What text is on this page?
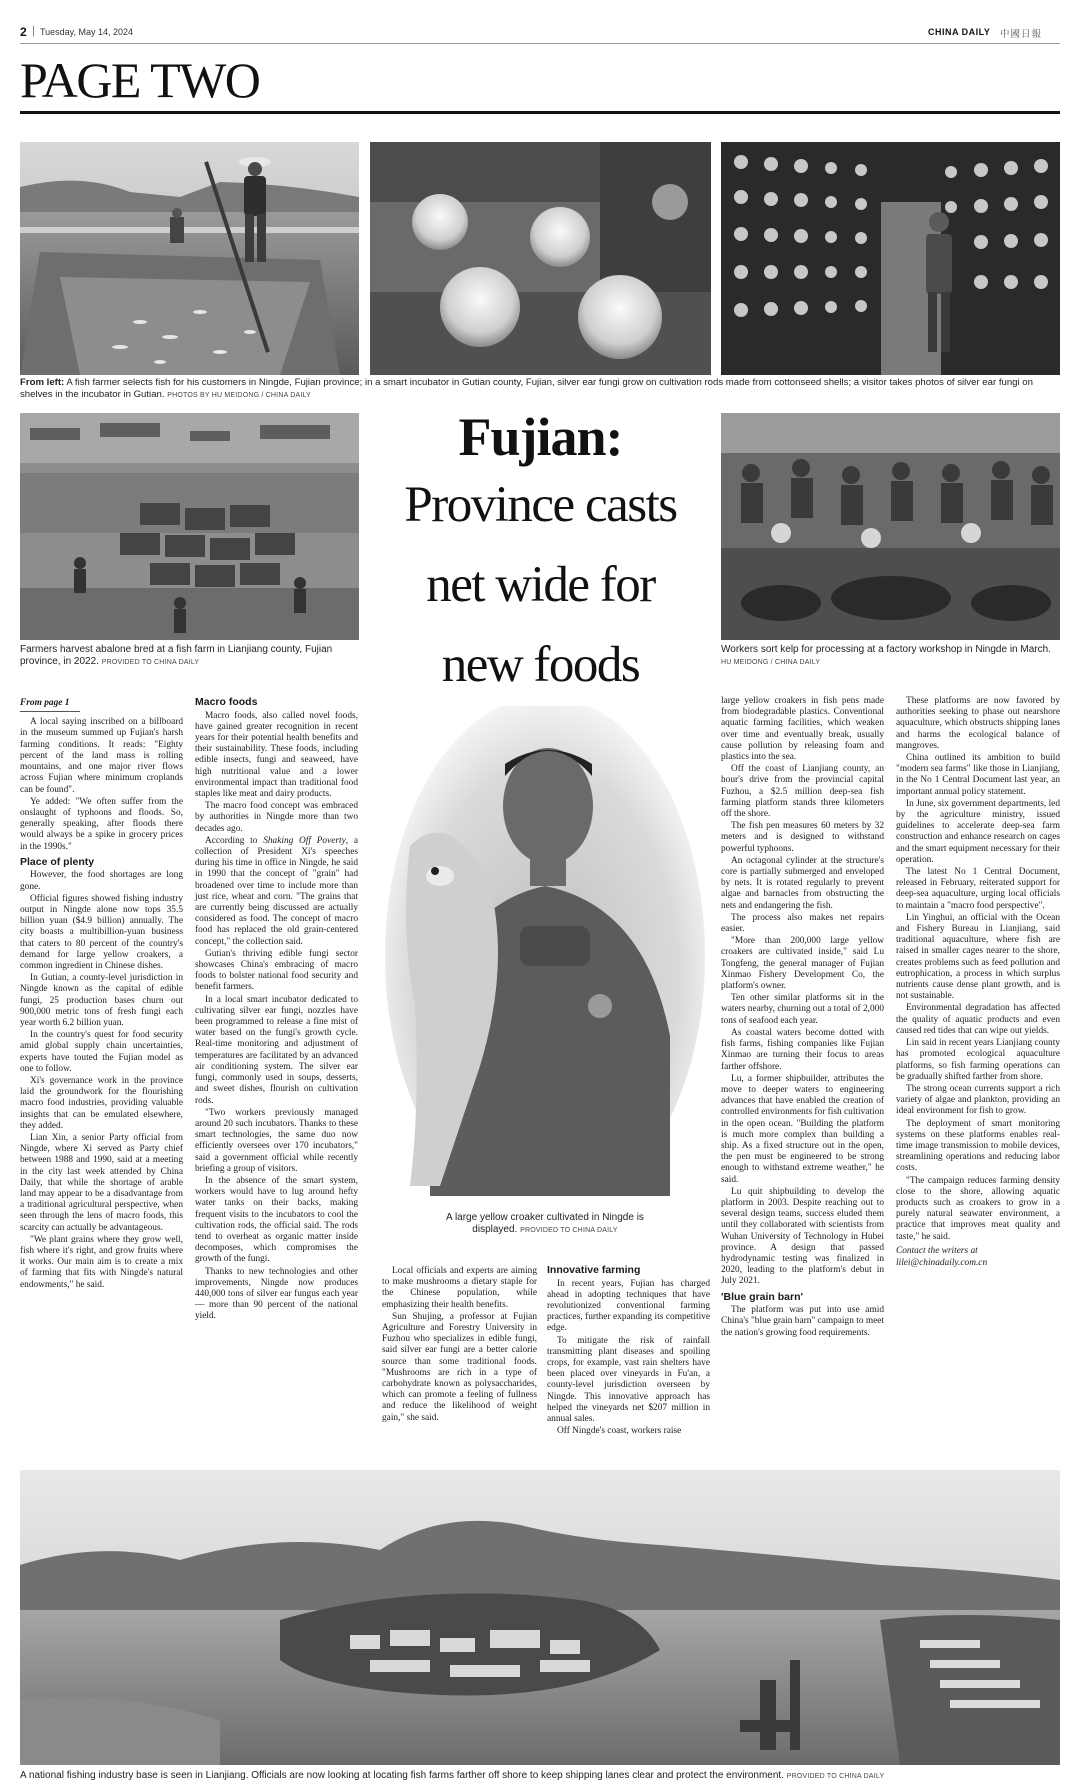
2 | Tuesday, May 14, 2024	CHINA DAILY 中國日報
PAGE TWO
From left: A fish farmer selects fish for his customers in Ningde, Fujian province; in a smart incubator in Gutian county, Fujian, silver ear fungi grow on cultivation rods made from cottonseed shells; a visitor takes photos of silver ear fungi on shelves in the incubator in Gutian. PHOTOS BY HU MEIDONG / CHINA DAILY
Farmers harvest abalone bred at a fish farm in Lianjiang county, Fujian province, in 2022. PROVIDED TO CHINA DAILY
Fujian:
Province casts
net wide for
new foods	Workers sort kelp for processing at a factory workshop in Ningde in March. HU MEIDONG / CHINA DAILY
A large yellow croaker cultivated in Ningde is displayed. PROVIDED TO CHINA DAILY

From page 1

A local saying inscribed on a billboard in the museum summed up Fujian's harsh farming conditions. It reads: "Eighty percent of the land mass is rolling mountains, and one major river flows across Fujian where minimum croplands can be found".

Ye added: "We often suffer from the onslaught of typhoons and floods. So, generally speaking, after floods there would always be a spike in grocery prices in the 1990s."

Place of plenty

However, the food shortages are long gone.

Official figures showed fishing industry output in Ningde alone now tops 35.5 billion yuan ($4.9 billion) annually. The city boasts a multibillion-yuan business that caters to 80 percent of the country's demand for large yellow croakers, a common ingredient in Chinese dishes.

In Gutian, a county-level jurisdiction in Ningde known as the capital of edible fungi, 25 production bases churn out 900,000 metric tons of fresh fungi each year worth 6.2 billion yuan.

In the country's quest for food security amid global supply chain uncertainties, experts have touted the Fujian model as one to follow.

Xi's governance work in the province laid the groundwork for the flourishing macro food industries, providing valuable insights that can be emulated elsewhere, they added.

Lian Xin, a senior Party official from Ningde, where Xi served as Party chief between 1988 and 1990, said at a meeting in the city last week attended by China Daily, that while the shortage of arable land may appear to be a disadvantage from a traditional agricultural perspective, when seen through the lens of macro foods, this scarcity can actually be advantageous.

"We plant grains where they grow well, fish where it's right, and grow fruits where it works. Our main aim is to create a mix of farming that fits with Ningde's natural endowments," he said.

Macro foods

Macro foods, also called novel foods, have gained greater recognition in recent years for their potential health benefits and their sustainability. These foods, including edible insects, fungi and seaweed, have high nutritional value and a lower environmental impact than traditional food staples like meat and dairy products.

The macro food concept was embraced by authorities in Ningde more than two decades ago.

According to Shaking Off Poverty, a collection of President Xi's speeches during his time in office in Ningde, he said in 1990 that the concept of "grain" had broadened over time to include more than just rice, wheat and corn. "The grains that are currently being discussed are actually considered as food. The concept of macro food has replaced the old grain-centered concept," the collection said.

Gutian's thriving edible fungi sector showcases China's embracing of macro foods to bolster national food security and benefit farmers.

In a local smart incubator dedicated to cultivating silver ear fungi, nozzles have been programmed to release a fine mist of water based on the fungi's growth cycle. Real-time monitoring and adjustment of temperatures are facilitated by an advanced air conditioning system. The silver ear fungi, commonly used in soups, desserts, and sweet dishes, flourish on cultivation rods.

"Two workers previously managed around 20 such incubators. Thanks to these smart technologies, the same duo now efficiently oversees over 170 incubators," said a government official while recently briefing a group of visitors.

In the absence of the smart system, workers would have to lug around hefty water tanks on their backs, making frequent visits to the incubators to cool the cultivation rods, the official said. The rods tend to overheat as organic matter inside decomposes, which compromises the growth of the fungi.

Thanks to new technologies and other improvements, Ningde now produces 440,000 tons of silver ear fungus each year — more than 90 percent of the national yield.

Local officials and experts are aiming to make mushrooms a dietary staple for the Chinese population, while emphasizing their health benefits.

Sun Shujing, a professor at Fujian Agriculture and Forestry University in Fuzhou who specializes in edible fungi, said silver ear fungi are a better calorie source than some traditional foods. "Mushrooms are rich in a type of carbohydrate known as polysaccharides, which can promote a feeling of fullness and reduce the likelihood of weight gain," she said.

Innovative farming

In recent years, Fujian has charged ahead in adopting techniques that have revolutionized conventional farming practices, further expanding its competitive edge.

To mitigate the risk of rainfall transmitting plant diseases and spoiling crops, for example, vast rain shelters have been placed over vineyards in Fu'an, a county-level jurisdiction overseen by Ningde. This innovative approach has helped the vineyards net $207 million in annual sales.

Off Ningde's coast, workers raise

large yellow croakers in fish pens made from biodegradable plastics. Conventional aquatic farming facilities, which weaken over time and eventually break, usually cause pollution by releasing foam and plastics into the sea.

Off the coast of Lianjiang county, an hour's drive from the provincial capital Fuzhou, a $2.5 million deep-sea fish farming platform stands three kilometers off the shore.

The fish pen measures 60 meters by 32 meters and is designed to withstand powerful typhoons.

An octagonal cylinder at the structure's core is partially submerged and enveloped by nets. It is rotated regularly to prevent algae and barnacles from obstructing the nets and endangering the fish.

The process also makes net repairs easier.

"More than 200,000 large yellow croakers are cultivated inside," said Lu Tongfeng, the general manager of Fujian Xinmao Fishery Development Co, the platform's owner.

Ten other similar platforms sit in the waters nearby, churning out a total of 2,000 tons of seafood each year.

As coastal waters become dotted with fish farms, fishing companies like Fujian Xinmao are turning their focus to areas farther offshore.

Lu, a former shipbuilder, attributes the move to deeper waters to engineering advances that have enabled the creation of controlled environments for fish cultivation in the open ocean. "Building the platform is much more complex than building a ship. As a fixed structure out in the open, the pen must be engineered to be strong enough to withstand extreme weather," he said.

Lu quit shipbuilding to develop the platform in 2003. Despite reaching out to several design teams, success eluded them until they collaborated with scientists from Wuhan University of Technology in Hubei province. A design that passed hydrodynamic testing was finalized in 2020, leading to the platform's debut in July 2021.

'Blue grain barn'

The platform was put into use amid China's "blue grain barn" campaign to meet the nation's growing food requirements.

These platforms are now favored by authorities seeking to phase out nearshore aquaculture, which obstructs shipping lanes and harms the ecological balance of mangroves.

China outlined its ambition to build "modern sea farms" like those in Lianjiang, in the No 1 Central Document last year, an important annual policy statement.

In June, six government departments, led by the agriculture ministry, issued guidelines to accelerate deep-sea farm construction and enhance research on cages and the smart equipment necessary for their operation.

The latest No 1 Central Document, released in February, reiterated support for deep-sea aquaculture, urging local officials to maintain a "macro food perspective".

Lin Yinghui, an official with the Ocean and Fishery Bureau in Lianjiang, said traditional aquaculture, where fish are raised in smaller cages nearer to the shore, creates problems such as feed pollution and eutrophication, a process in which surplus nutrients cause dense plant growth, and is not sustainable.

Environmental degradation has affected the quality of aquatic products and even caused red tides that can wipe out yields.

Lin said in recent years Lianjiang county has promoted ecological aquaculture platforms, so fish farming operations can be gradually shifted farther from shore.

The strong ocean currents support a rich variety of algae and plankton, providing an ideal environment for fish to grow.

The deployment of smart monitoring systems on these platforms enables real-time image transmission to mobile devices, streamlining operations and reducing labor costs.

"The campaign reduces farming density close to the shore, allowing aquatic products such as croakers to grow in a purely natural seawater environment, a practice that improves meat quality and taste," he said.

Contact the writers at

lilei@chinadaily.com.cn

A national fishing industry base is seen in Lianjiang. Officials are now looking at locating fish farms farther off shore to keep shipping lanes clear and protect the environment. PROVIDED TO CHINA DAILY
